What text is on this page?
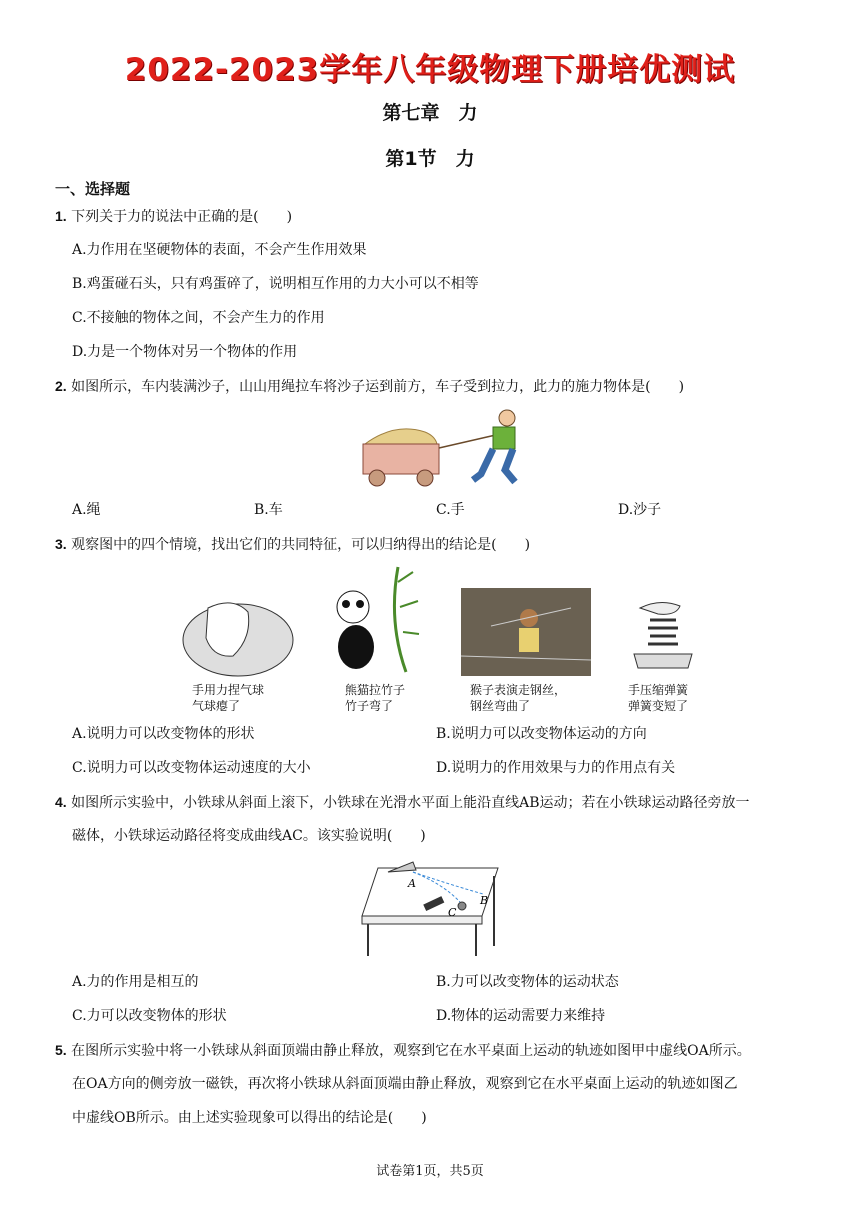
2022-2023学年八年级物理下册培优测试
第七章　力
第1节　力
一、选择题
1. 下列关于力的说法中正确的是(　　)
A.力作用在坚硬物体的表面，不会产生作用效果
B.鸡蛋碰石头，只有鸡蛋碎了，说明相互作用的力大小可以不相等
C.不接触的物体之间，不会产生力的作用
D.力是一个物体对另一个物体的作用
2. 如图所示，车内装满沙子，山山用绳拉车将沙子运到前方，车子受到拉力，此力的施力物体是(　　)
A.绳	B.车	C.手	D.沙子
3. 观察图中的四个情境，找出它们的共同特征，可以归纳得出的结论是(　　)
手用力捏气球
气球瘪了
熊猫拉竹子
竹子弯了
猴子表演走钢丝，
钢丝弯曲了
手压缩弹簧
弹簧变短了
A.说明力可以改变物体的形状	B.说明力可以改变物体运动的方向
C.说明力可以改变物体运动速度的大小	D.说明力的作用效果与力的作用点有关
4. 如图所示实验中，小铁球从斜面上滚下，小铁球在光滑水平面上能沿直线AB运动；若在小铁球运动路径旁放一
磁体，小铁球运动路径将变成曲线AC。该实验说明(　　)
A
B
C
A.力的作用是相互的	B.力可以改变物体的运动状态
C.力可以改变物体的形状	D.物体的运动需要力来维持
5. 在图所示实验中将一小铁球从斜面顶端由静止释放，观察到它在水平桌面上运动的轨迹如图甲中虚线OA所示。
在OA方向的侧旁放一磁铁，再次将小铁球从斜面顶端由静止释放，观察到它在水平桌面上运动的轨迹如图乙
中虚线OB所示。由上述实验现象可以得出的结论是(　　)
试卷第1页，共5页
